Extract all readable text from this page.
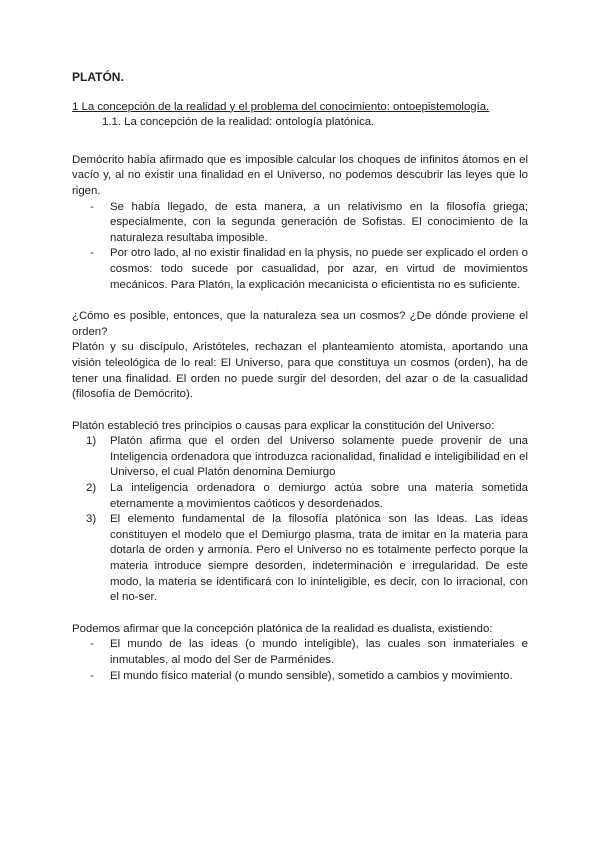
PLATÓN.

1 La concepción de la realidad y el problema del conocimiento: ontoepistemología.

1.1. La concepción de la realidad: ontología platónica.

Demócrito había afirmado que es imposible calcular los choques de infinitos átomos en el vacío y, al no existir una finalidad en el Universo, no podemos descubrir las leyes que lo rigen.

- Se había llegado, de esta manera, a un relativismo en la filosofía griega; especialmente, con la segunda generación de Sofistas. El conocimiento de la naturaleza resultaba imposible.
- Por otro lado, al no existir finalidad en la physis, no puede ser explicado el orden o cosmos: todo sucede por casualidad, por azar, en virtud de movimientos mecánicos. Para Platón, la explicación mecanicista o eficientista no es suficiente.

¿Cómo es posible, entonces, que la naturaleza sea un cosmos? ¿De dónde proviene el orden?

Platón y su discípulo, Aristóteles, rechazan el planteamiento atomista, aportando una visión teleológica de lo real: El Universo, para que constituya un cosmos (orden), ha de tener una finalidad. El orden no puede surgir del desorden, del azar o de la casualidad (filosofía de Demócrito).

Platón estableció tres principios o causas para explicar la constitución del Universo:

1) Platón afirma que el orden del Universo solamente puede provenir de una Inteligencia ordenadora que introduzca racionalidad, finalidad e inteligibilidad en el Universo, el cual Platón denomina Demiurgo
2) La inteligencia ordenadora o demiurgo actúa sobre una materia sometida eternamente a movimientos caóticos y desordenados.
3) El elemento fundamental de la filosofía platónica son las Ideas. Las ideas constituyen el modelo que el Demiurgo plasma, trata de imitar en la materia para dotarla de orden y armonía. Pero el Universo no es totalmente perfecto porque la materia introduce siempre desorden, indeterminación e irregularidad. De este modo, la materia se identificará con lo ininteligible, es decir, con lo irracional, con el no-ser.

Podemos afirmar que la concepción platónica de la realidad es dualista, existiendo:

- El mundo de las ideas (o mundo inteligible), las cuales son inmateriales e inmutables, al modo del Ser de Parménides.
- El mundo físico material (o mundo sensible), sometido a cambios y movimiento.
